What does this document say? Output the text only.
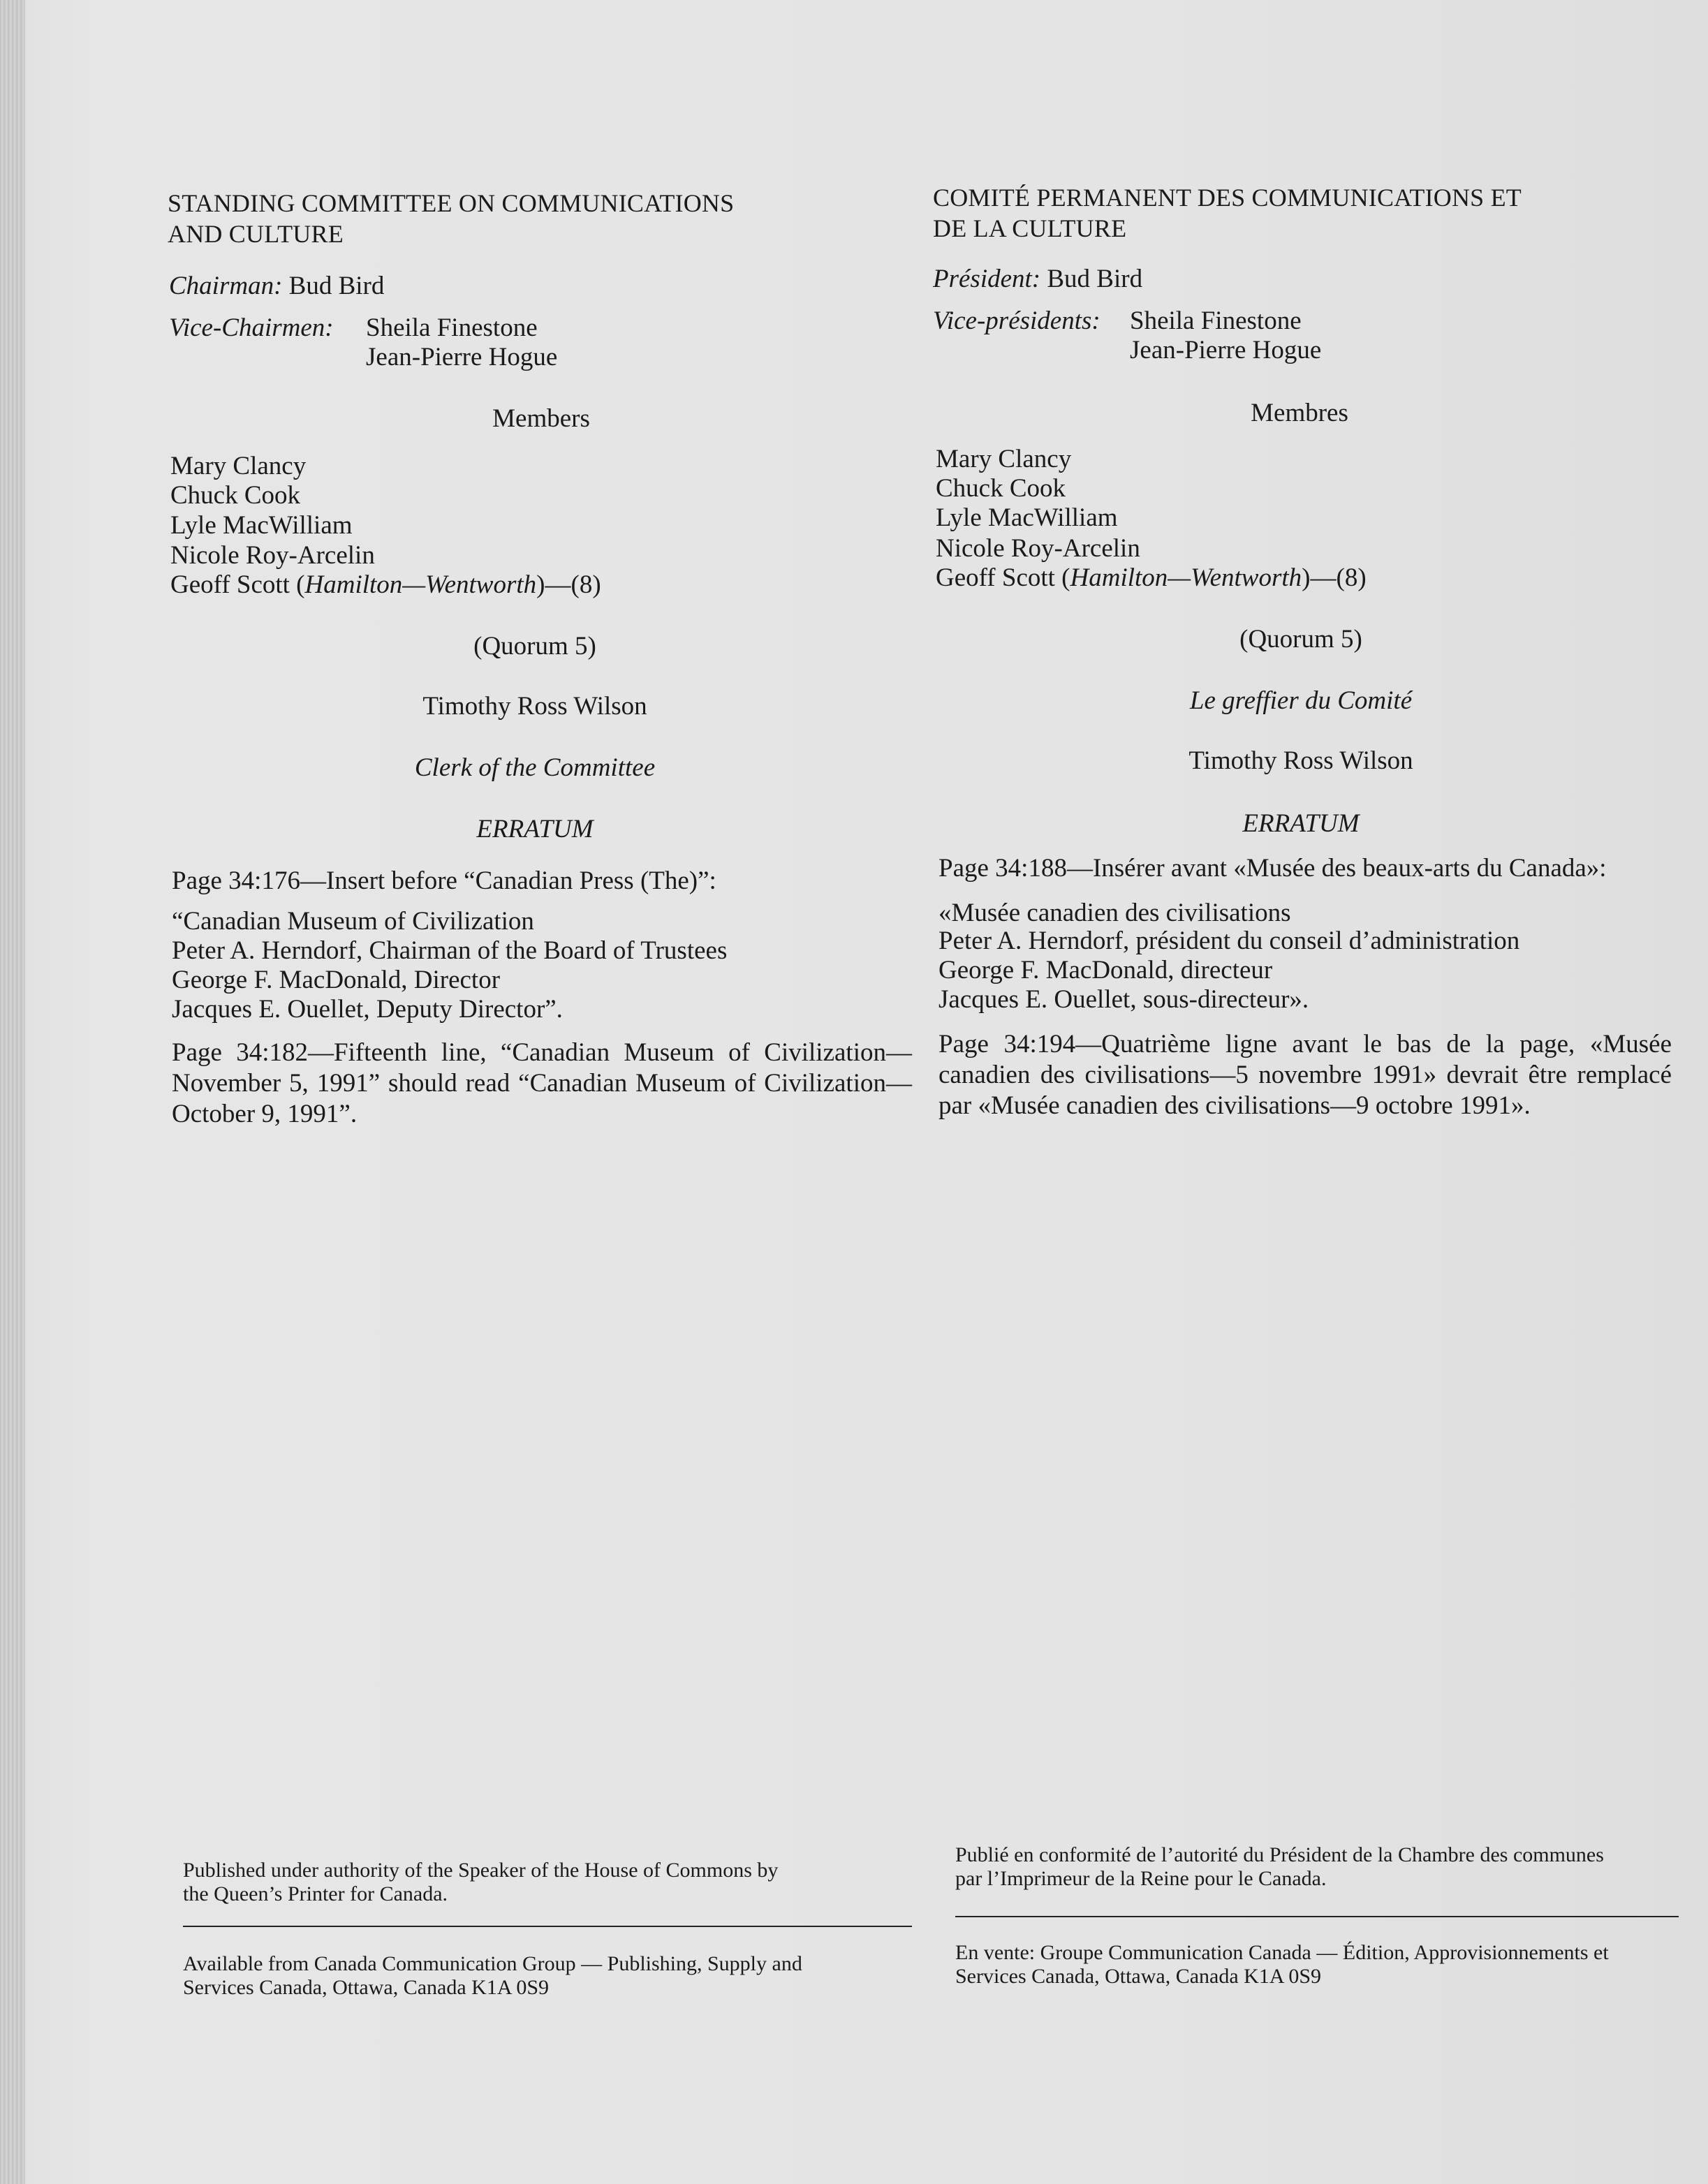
STANDING COMMITTEE ON COMMUNICATIONS
AND CULTURE
Chairman: Bud Bird
Vice-Chairmen: Sheila Finestone
Jean-Pierre Hogue
Members
Mary Clancy
Chuck Cook
Lyle MacWilliam
Nicole Roy-Arcelin
Geoff Scott (Hamilton—Wentworth)—(8)
(Quorum 5)
Timothy Ross Wilson
Clerk of the Committee
ERRATUM
Page 34:176—Insert before “Canadian Press (The)”:
“Canadian Museum of Civilization
Peter A. Herndorf, Chairman of the Board of Trustees
George F. MacDonald, Director
Jacques E. Ouellet, Deputy Director”.
Page 34:182—Fifteenth line, “Canadian Museum of Civilization—November 5, 1991” should read “Canadian Museum of Civilization—October 9, 1991”.
Published under authority of the Speaker of the House of Commons by the Queen’s Printer for Canada.
Available from Canada Communication Group — Publishing, Supply and Services Canada, Ottawa, Canada K1A 0S9
COMITÉ PERMANENT DES COMMUNICATIONS ET
DE LA CULTURE
Président: Bud Bird
Vice-présidents: Sheila Finestone
Jean-Pierre Hogue
Membres
Mary Clancy
Chuck Cook
Lyle MacWilliam
Nicole Roy-Arcelin
Geoff Scott (Hamilton—Wentworth)—(8)
(Quorum 5)
Le greffier du Comité
Timothy Ross Wilson
ERRATUM
Page 34:188—Insérer avant «Musée des beaux-arts du Canada»:
«Musée canadien des civilisations
Peter A. Herndorf, président du conseil d’administration
George F. MacDonald, directeur
Jacques E. Ouellet, sous-directeur».
Page 34:194—Quatrième ligne avant le bas de la page, «Musée canadien des civilisations—5 novembre 1991» devrait être remplacé par «Musée canadien des civilisations—9 octobre 1991».
Publié en conformité de l’autorité du Président de la Chambre des communes par l’Imprimeur de la Reine pour le Canada.
En vente: Groupe Communication Canada — Édition, Approvisionnements et Services Canada, Ottawa, Canada K1A 0S9
